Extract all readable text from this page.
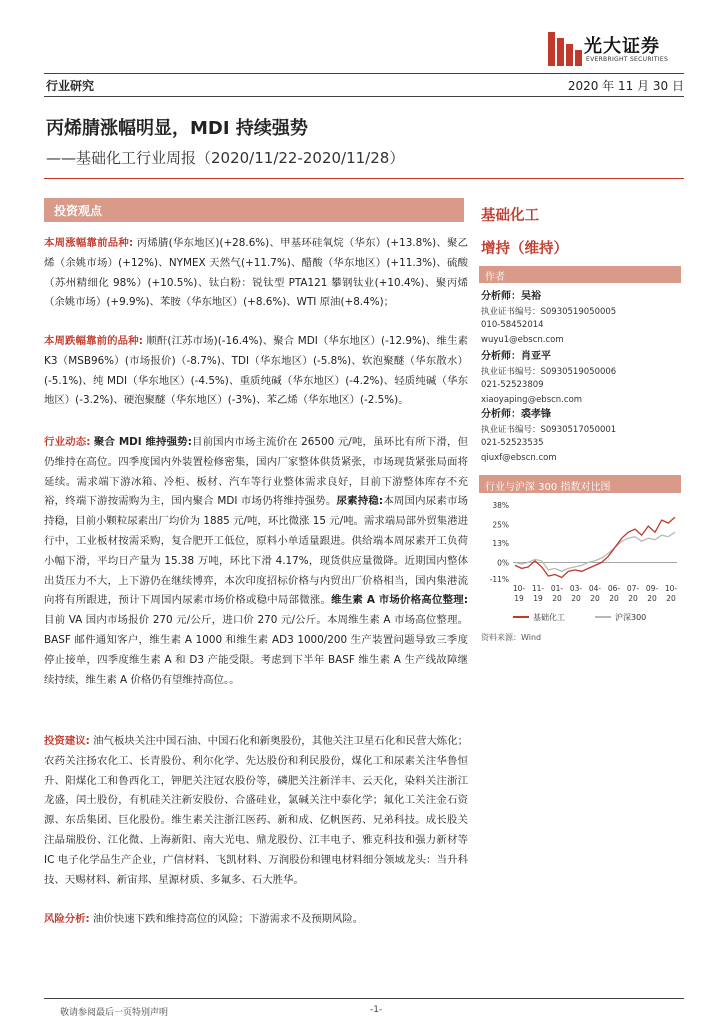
光大证券
EVERBRIGHT SECURITIES
行业研究	2020 年 11 月 30 日
丙烯腈涨幅明显，MDI 持续强势
——基础化工行业周报（2020/11/22-2020/11/28）
投资观点
本周涨幅靠前品种: 丙烯腈(华东地区)(+28.6%)、甲基环硅氧烷（华东）(+13.8%)、聚乙烯（余姚市场）(+12%)、NYMEX 天然气(+11.7%)、醋酸（华东地区）(+11.3%)、硫酸（苏州精细化 98%）(+10.5%)、钛白粉：锐钛型 PTA121 攀钢钛业(+10.4%)、聚丙烯（余姚市场）(+9.9%)、苯胺（华东地区）(+8.6%)、WTI 原油(+8.4%)；
本周跌幅靠前的品种: 顺酐(江苏市场)(-16.4%)、聚合 MDI（华东地区）(-12.9%)、维生素 K3（MSB96%）(市场报价)（-8.7%)、TDI（华东地区）(-5.8%)、软泡聚醚（华东散水）(-5.1%)、纯 MDI（华东地区）(-4.5%)、重质纯碱（华东地区）(-4.2%)、轻质纯碱（华东地区）(-3.2%)、硬泡聚醚（华东地区）(-3%)、苯乙烯（华东地区）(-2.5%)。
行业动态: 聚合 MDI 维持强势:目前国内市场主流价在 26500 元/吨，虽环比有所下滑，但仍维持在高位。四季度国内外装置检修密集，国内厂家整体供货紧张，市场现货紧张局面将延续。需求端下游冰箱、冷柜、板材、汽车等行业整体需求良好，目前下游整体库存不充裕，终端下游按需购为主，国内聚合 MDI 市场仍将维持强势。尿素持稳:本周国内尿素市场持稳，目前小颗粒尿素出厂均价为 1885 元/吨，环比微涨 15 元/吨。需求端局部外贸集港进行中，工业板材按需采购，复合肥开工低位，原料小单适量跟进。供给端本周尿素开工负荷小幅下滑，平均日产量为 15.38 万吨，环比下滑 4.17%，现货供应量微降。近期国内整体出货压力不大，上下游仍在继续博弈，本次印度招标价格与内贸出厂价格相当，国内集港流向将有所跟进，预计下周国内尿素市场价格或稳中局部微涨。维生素 A 市场价格高位整理:目前 VA 国内市场报价 270 元/公斤，进口价 270 元/公斤。本周维生素 A 市场高位整理。BASF 邮件通知客户，维生素 A 1000 和维生素 AD3 1000/200 生产装置问题导致三季度停止接单，四季度维生素 A 和 D3 产能受限。考虑到下半年 BASF 维生素 A 生产线故障继续持续，维生素 A 价格仍有望维持高位。。
投资建议: 油气板块关注中国石油、中国石化和新奥股份，其他关注卫星石化和民营大炼化；农药关注扬农化工、长青股份、利尔化学、先达股份和利民股份，煤化工和尿素关注华鲁恒升、阳煤化工和鲁西化工，钾肥关注冠农股份等，磷肥关注新洋丰、云天化，染料关注浙江龙盛，闰土股份，有机硅关注新安股份、合盛硅业，氯碱关注中泰化学；氟化工关注金石资源、东岳集团、巨化股份。维生素关注浙江医药、新和成、亿帆医药、兄弟科技。成长股关注晶瑞股份、江化微、上海新阳、南大光电、鼎龙股份、江丰电子、雅克科技和强力新材等 IC 电子化学品生产企业，广信材料、飞凯材料、万润股份和锂电材料细分领域龙头：当升科技、天赐材料、新宙邦、星源材质、多氟多、石大胜华。
风险分析: 油价快速下跌和维持高位的风险；下游需求不及预期风险。
基础化工
增持（维持）
作者
分析师：吴裕
执业证书编号：S0930519050005
010-58452014
wuyu1@ebscn.com
分析师：肖亚平
执业证书编号：S0930519050006
021-52523809
xiaoyaping@ebscn.com
分析师：裘孝锋
执业证书编号：S0930517050001
021-52523535
qiuxf@ebscn.com
行业与沪深 300 指数对比图
38%
25%
13%
0%
-11%
10-
19
11-
19
01-
20
03-
20
04-
20
06-
20
07-
20
09-
20
10-
20
基础化工	沪深300
资料来源：Wind
敬请参阅最后一页特别声明	-1-
